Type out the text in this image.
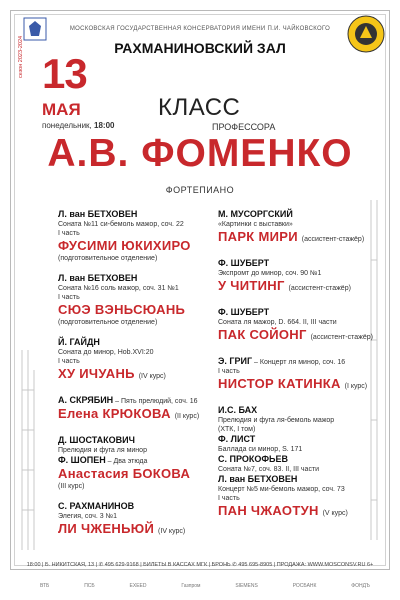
МОСКОВСКАЯ ГОСУДАРСТВЕННАЯ КОНСЕРВАТОРИЯ ИМЕНИ П.И. ЧАЙКОВСКОГО
РАХМАНИНОВСКИЙ ЗАЛ
сезон 2023-2024 13
МАЯ
понедельник, 18:00
КЛАСС
ПРОФЕССОРА
А.В. ФОМЕНКО
ФОРТЕПИАНО
Л. ван БЕТХОВЕН
Соната №11 си-бемоль мажор, соч. 22
I часть
ФУСИМИ ЮКИХИРО
(подготовительное отделение)
Л. ван БЕТХОВЕН
Соната №16 соль мажор, соч. 31 №1
I часть
СЮЭ ВЭНЬСЮАНЬ
(подготовительное отделение)
Й. ГАЙДН
Соната до минор, Hob.XVI:20
I часть
ХУ ИЧУАНЬ (IV курс)
А. СКРЯБИН – Пять прелюдий, соч. 16
Елена КРЮКОВА (II курс)
Д. ШОСТАКОВИЧ
Прелюдия и фуга ля минор
Ф. ШОПЕН – Два этюда
Анастасия БОКОВА
(III курс)
С. РАХМАНИНОВ
Элегия, соч. 3 №1
ЛИ ЧЖЕНЬЮЙ (IV курс)
М. МУСОРГСКИЙ
«Картинки с выставки»
ПАРК МИРИ (ассистент-стажёр)
Ф. ШУБЕРТ
Экспромт до минор, соч. 90 №1
У ЧИТИНГ (ассистент-стажёр)
Ф. ШУБЕРТ
Соната ля мажор, D. 664. II, III части
ПАК СОЙОНГ (ассистент-стажёр)
Э. ГРИГ – Концерт ля минор, соч. 16
I часть
НИСТОР КАТИНКА (I курс)
И.С. БАХ
Прелюдия и фуга ля-бемоль мажор
(ХТК, I том)
Ф. ЛИСТ
Баллада си минор, S. 171
С. ПРОКОФЬЕВ
Соната №7, соч. 83. II, III части
Л. ван БЕТХОВЕН
Концерт №5 ми-бемоль мажор, соч. 73
I часть
ПАН ЧЖАОТУН (V курс)
18:00 | Б. НИКИТСКАЯ, 13 | ✆ 495 629-9168 | БИЛЕТЫ В КАССАХ МГК | БРОНЬ ✆ 495 695-8905 | ПРОДАЖА: WWW.MOSCONSV.RU 6+
ВТБ	ПСБ	EXEED	Газпром	SIEMENS	РОСБАНК	ФОНДЪ
